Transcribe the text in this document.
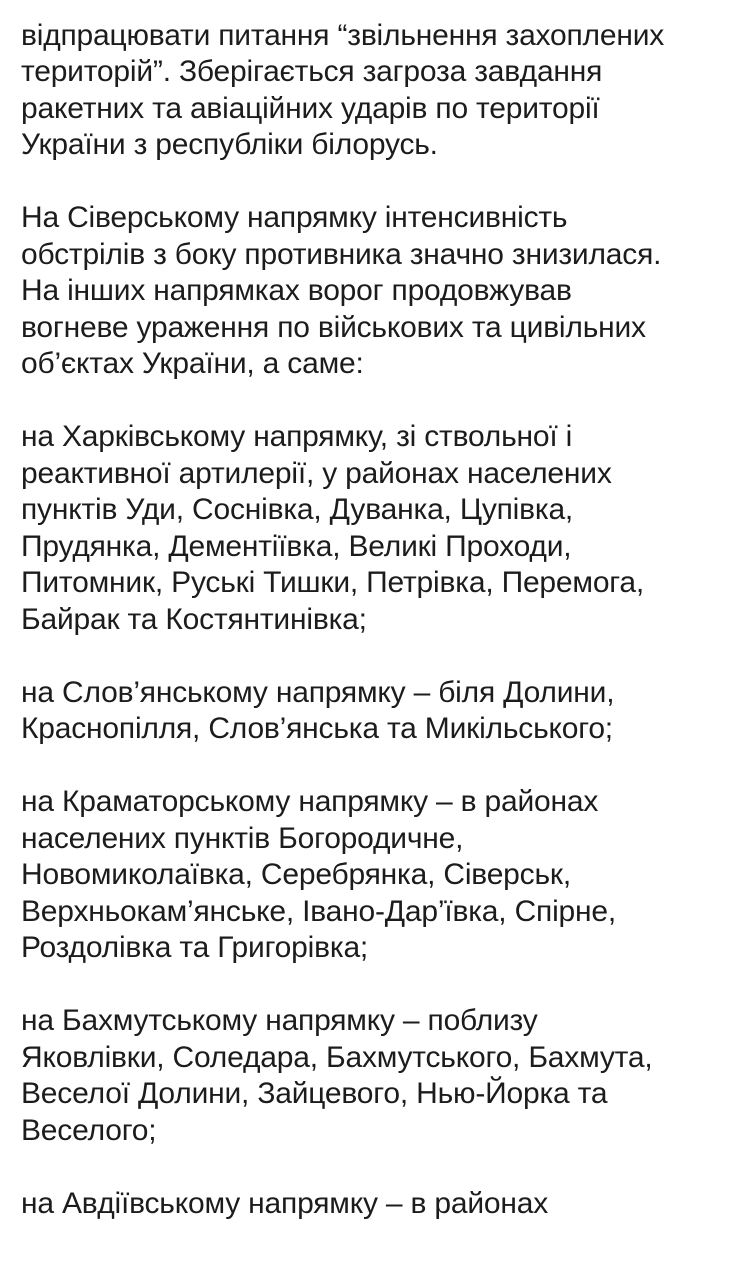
відпрацювати питання “звільнення захоплених
територій”. Зберігається загроза завдання
ракетних та авіаційних ударів по території
України з республіки білорусь.

На Сіверському напрямку інтенсивність
обстрілів з боку противника значно знизилася.
На інших напрямках ворог продовжував
вогневе ураження по військових та цивільних
об’єктах України, а саме:

на Харківському напрямку, зі ствольної і
реактивної артилерії, у районах населених
пунктів Уди, Соснівка, Дуванка, Цупівка,
Прудянка, Дементіївка, Великі Проходи,
Питомник, Руські Тишки, Петрівка, Перемога,
Байрак та Костянтинівка;

на Слов’янському напрямку – біля Долини,
Краснопілля, Слов’янська та Микільського;

на Краматорському напрямку – в районах
населених пунктів Богородичне,
Новомиколаївка, Серебрянка, Сіверськ,
Верхньокам’янське, Івано-Дар’ївка, Спірне,
Роздолівка та Григорівка;

на Бахмутському напрямку – поблизу
Яковлівки, Соледара, Бахмутського, Бахмута,
Веселої Долини, Зайцевого, Нью-Йорка та
Веселого;

на Авдіївському напрямку – в районах
